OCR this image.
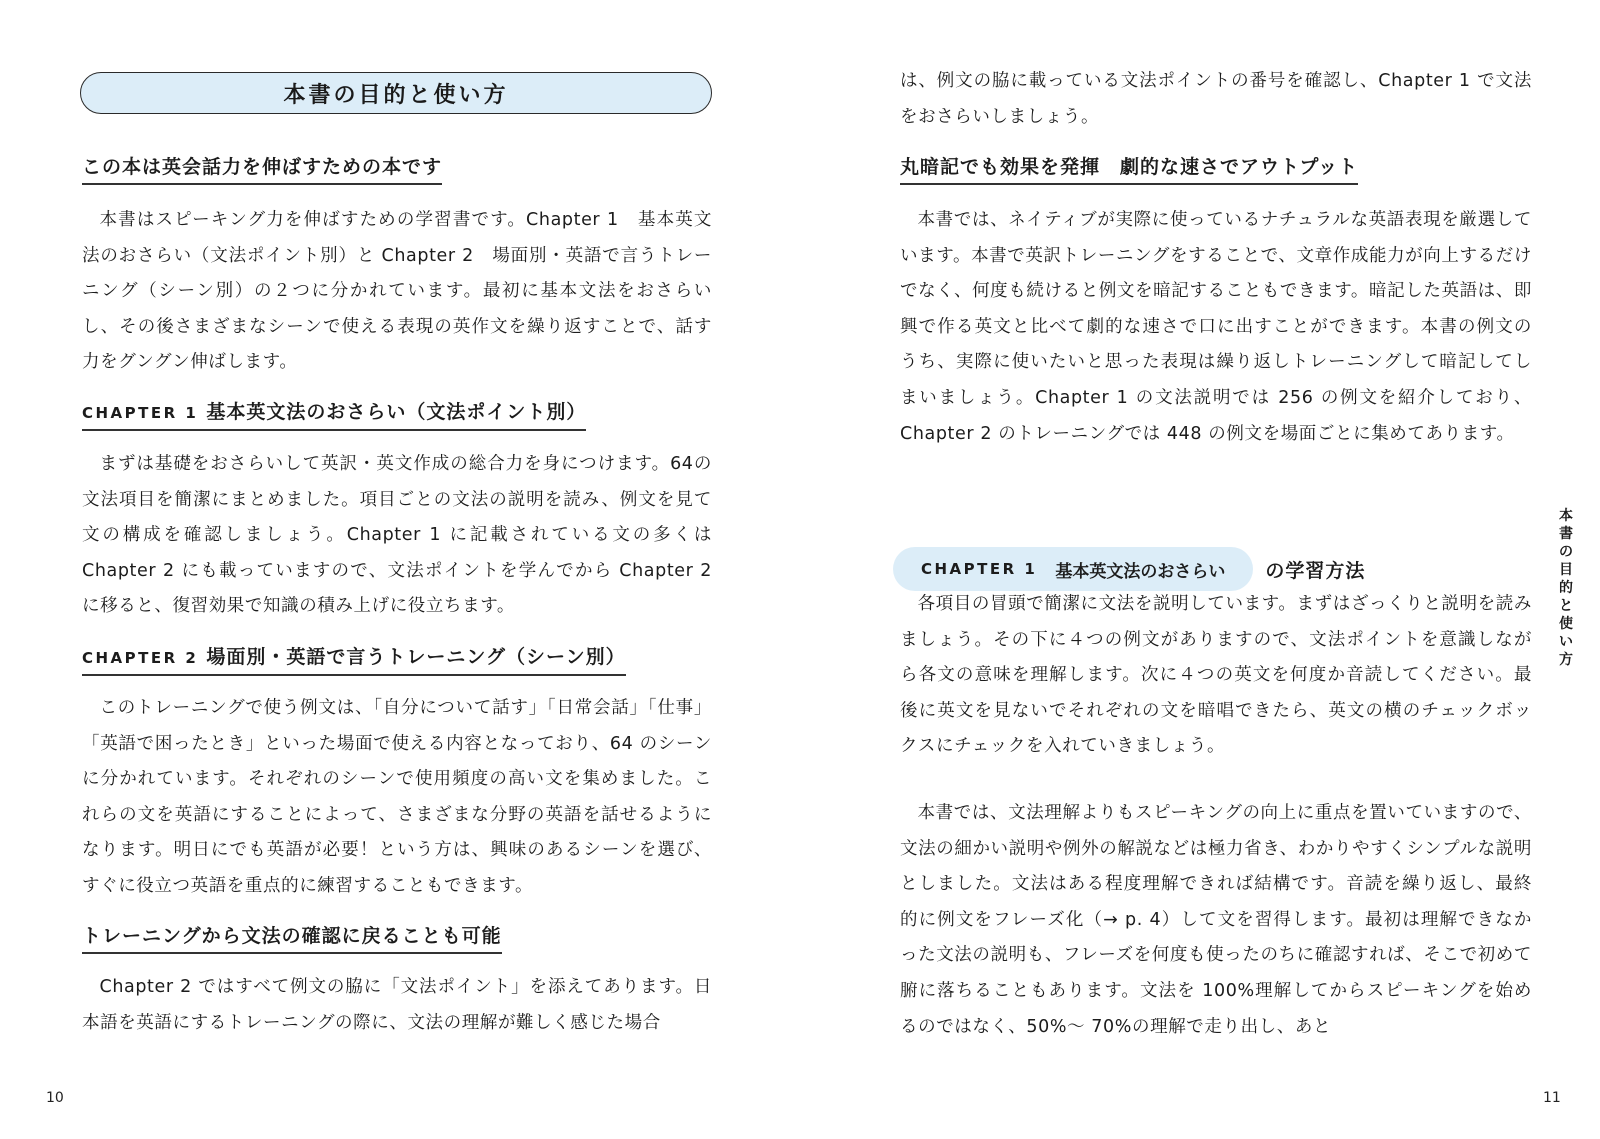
本書の目的と使い方
この本は英会話力を伸ばすための本です

本書はスピーキング力を伸ばすための学習書です。Chapter 1　基本英文法のおさらい（文法ポイント別）と Chapter 2　場面別・英語で言うトレーニング（シーン別）の２つに分かれています。最初に基本文法をおさらいし、その後さまざまなシーンで使える表現の英作文を繰り返すことで、話す力をグングン伸ばします。

CHAPTER 1 基本英文法のおさらい（文法ポイント別）

まずは基礎をおさらいして英訳・英文作成の総合力を身につけます。64の文法項目を簡潔にまとめました。項目ごとの文法の説明を読み、例文を見て文の構成を確認しましょう。Chapter 1 に記載されている文の多くはChapter 2 にも載っていますので、文法ポイントを学んでから Chapter 2に移ると、復習効果で知識の積み上げに役立ちます。

CHAPTER 2 場面別・英語で言うトレーニング（シーン別）

このトレーニングで使う例文は、「自分について話す」「日常会話」「仕事」「英語で困ったとき」といった場面で使える内容となっており、64 のシーンに分かれています。それぞれのシーンで使用頻度の高い文を集めました。これらの文を英語にすることによって、さまざまな分野の英語を話せるようになります。明日にでも英語が必要！という方は、興味のあるシーンを選び、すぐに役立つ英語を重点的に練習することもできます。

トレーニングから文法の確認に戻ることも可能

Chapter 2 ではすべて例文の脇に「文法ポイント」を添えてあります。日本語を英語にするトレーニングの際に、文法の理解が難しく感じた場合

10

は、例文の脇に載っている文法ポイントの番号を確認し、Chapter 1 で文法をおさらいしましょう。

丸暗記でも効果を発揮　劇的な速さでアウトプット

本書では、ネイティブが実際に使っているナチュラルな英語表現を厳選しています。本書で英訳トレーニングをすることで、文章作成能力が向上するだけでなく、何度も続けると例文を暗記することもできます。暗記した英語は、即興で作る英文と比べて劇的な速さで口に出すことができます。本書の例文のうち、実際に使いたいと思った表現は繰り返しトレーニングして暗記してしまいましょう。Chapter 1 の文法説明では 256 の例文を紹介しており、Chapter 2 のトレーニングでは 448 の例文を場面ごとに集めてあります。

CHAPTER 1 基本英文法のおさらい の学習方法

各項目の冒頭で簡潔に文法を説明しています。まずはざっくりと説明を読みましょう。その下に４つの例文がありますので、文法ポイントを意識しながら各文の意味を理解します。次に４つの英文を何度か音読してください。最後に英文を見ないでそれぞれの文を暗唱できたら、英文の横のチェックボックスにチェックを入れていきましょう。

本書では、文法理解よりもスピーキングの向上に重点を置いていますので、文法の細かい説明や例外の解説などは極力省き、わかりやすくシンプルな説明としました。文法はある程度理解できれば結構です。音読を繰り返し、最終的に例文をフレーズ化（→ p. 4）して文を習得します。最初は理解できなかった文法の説明も、フレーズを何度も使ったのちに確認すれば、そこで初めて腑に落ちることもあります。文法を 100%理解してからスピーキングを始めるのではなく、50%～ 70%の理解で走り出し、あと

本書の目的と使い方
11
